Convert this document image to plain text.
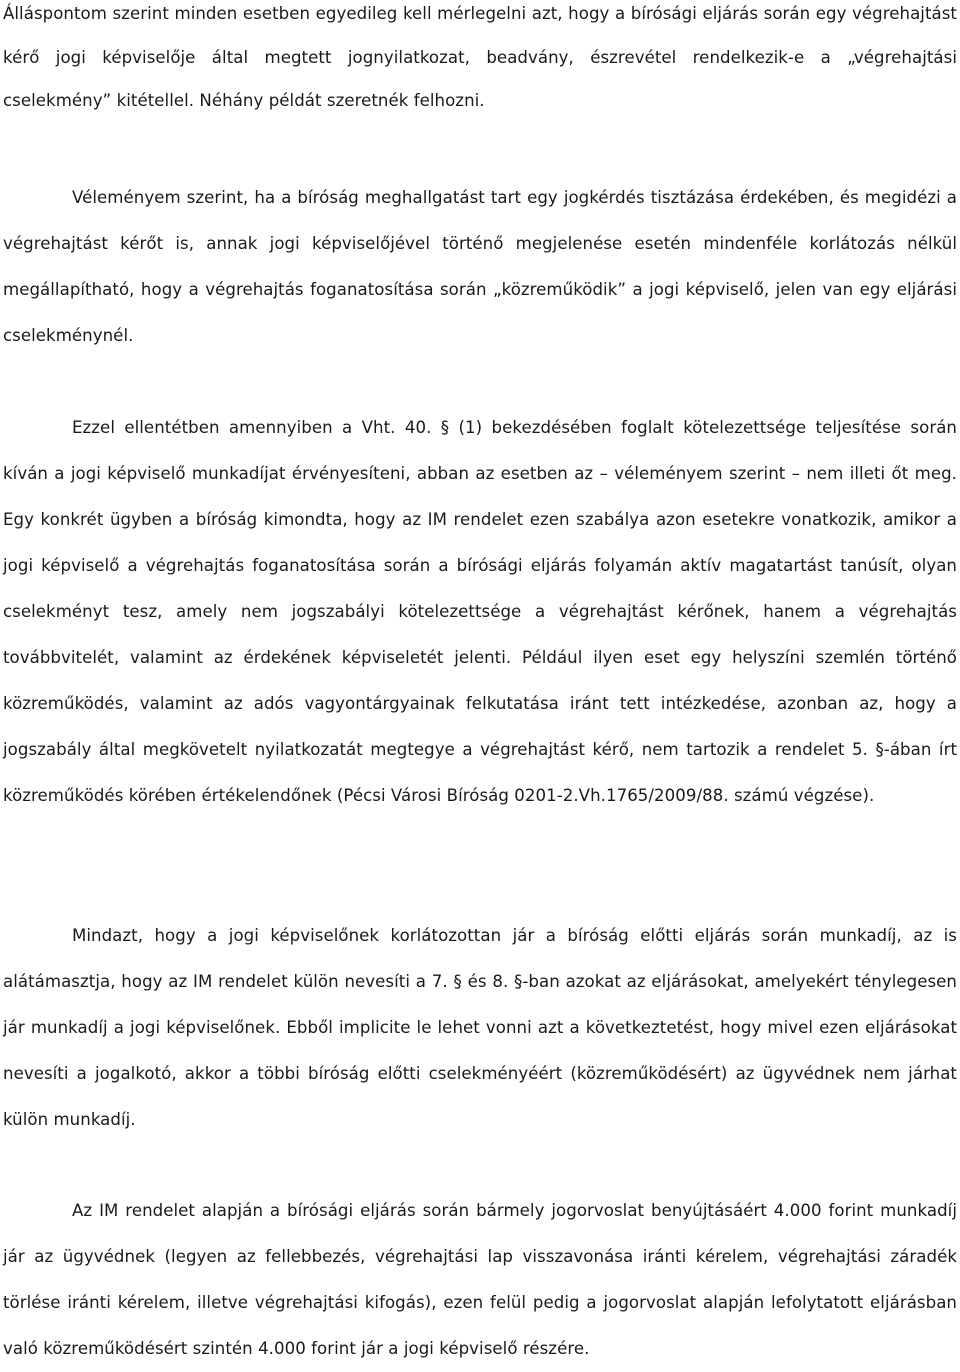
Álláspontom szerint minden esetben egyedileg kell mérlegelni azt, hogy a bírósági eljárás során egy végrehajtást kérő jogi képviselője által megtett jognyilatkozat, beadvány, észrevétel rendelkezik-e a „végrehajtási cselekmény” kitétellel. Néhány példát szeretnék felhozni.

Véleményem szerint, ha a bíróság meghallgatást tart egy jogkérdés tisztázása érdekében, és megidézi a végrehajtást kérőt is, annak jogi képviselőjével történő megjelenése esetén mindenféle korlátozás nélkül megállapítható, hogy a végrehajtás foganatosítása során „közreműködik” a jogi képviselő, jelen van egy eljárási cselekménynél.

Ezzel ellentétben amennyiben a Vht. 40. § (1) bekezdésében foglalt kötelezettsége teljesítése során kíván a jogi képviselő munkadíjat érvényesíteni, abban az esetben az – véleményem szerint – nem illeti őt meg. Egy konkrét ügyben a bíróság kimondta, hogy az IM rendelet ezen szabálya azon esetekre vonatkozik, amikor a jogi képviselő a végrehajtás foganatosítása során a bírósági eljárás folyamán aktív magatartást tanúsít, olyan cselekményt tesz, amely nem jogszabályi kötelezettsége a végrehajtást kérőnek, hanem a végrehajtás továbbvitelét, valamint az érdekének képviseletét jelenti. Például ilyen eset egy helyszíni szemlén történő közreműködés, valamint az adós vagyontárgyainak felkutatása iránt tett intézkedése, azonban az, hogy a jogszabály által megkövetelt nyilatkozatát megtegye a végrehajtást kérő, nem tartozik a rendelet 5. §-ában írt közreműködés körében értékelendőnek (Pécsi Városi Bíróság 0201-2.Vh.1765/2009/88. számú végzése).

Mindazt, hogy a jogi képviselőnek korlátozottan jár a bíróság előtti eljárás során munkadíj, az is alátámasztja, hogy az IM rendelet külön nevesíti a 7. § és 8. §-ban azokat az eljárásokat, amelyekért ténylegesen jár munkadíj a jogi képviselőnek. Ebből implicite le lehet vonni azt a következtetést, hogy mivel ezen eljárásokat nevesíti a jogalkotó, akkor a többi bíróság előtti cselekményéért (közreműködésért) az ügyvédnek nem járhat külön munkadíj.

Az IM rendelet alapján a bírósági eljárás során bármely jogorvoslat benyújtásáért 4.000 forint munkadíj jár az ügyvédnek (legyen az fellebbezés, végrehajtási lap visszavonása iránti kérelem, végrehajtási záradék törlése iránti kérelem, illetve végrehajtási kifogás), ezen felül pedig a jogorvoslat alapján lefolytatott eljárásban való közreműködésért szintén 4.000 forint jár a jogi képviselő részére.
